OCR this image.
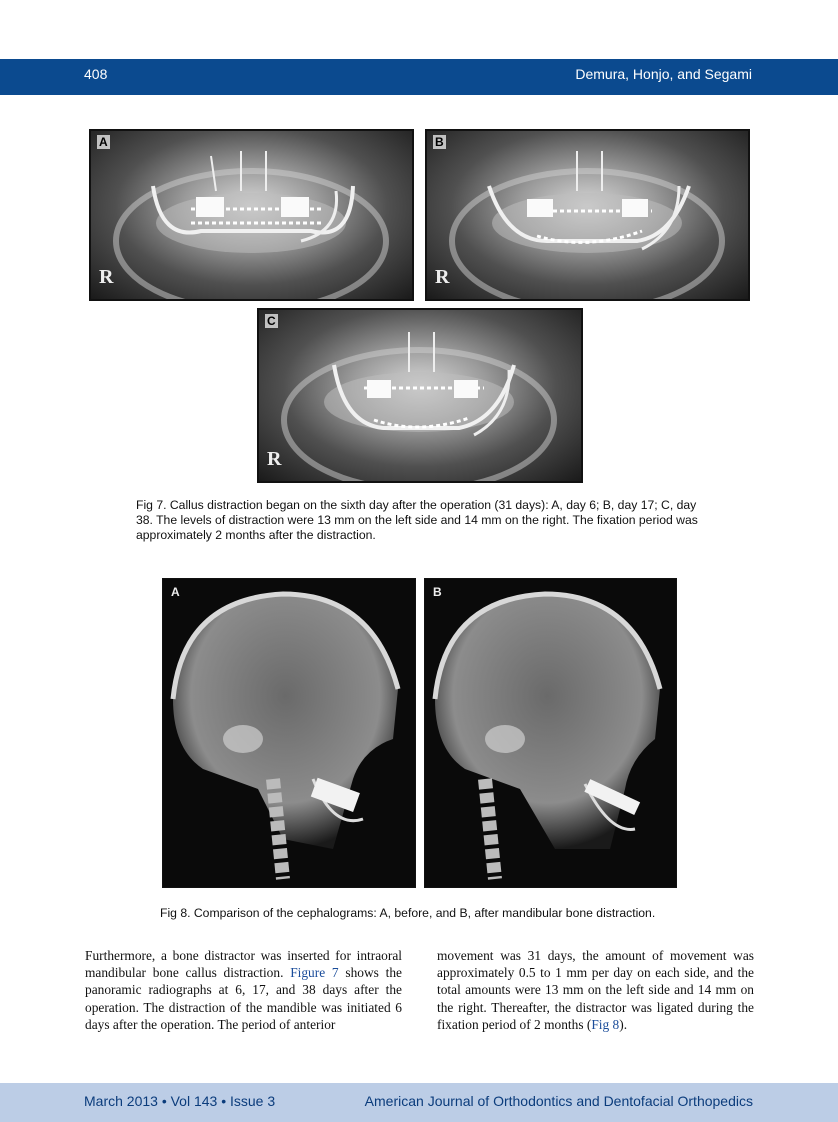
408	Demura, Honjo, and Segami
A
R
B
R
C
R
Fig 7. Callus distraction began on the sixth day after the operation (31 days): A, day 6; B, day 17; C, day 38. The levels of distraction were 13 mm on the left side and 14 mm on the right. The fixation period was approximately 2 months after the distraction.
A	B
Fig 8. Comparison of the cephalograms: A, before, and B, after mandibular bone distraction.
Furthermore, a bone distractor was inserted for intraoral mandibular bone callus distraction. Figure 7 shows the panoramic radiographs at 6, 17, and 38 days after the operation. The distraction of the mandible was initiated 6 days after the operation. The period of anterior
movement was 31 days, the amount of movement was approximately 0.5 to 1 mm per day on each side, and the total amounts were 13 mm on the left side and 14 mm on the right. Thereafter, the distractor was ligated during the fixation period of 2 months (Fig 8).
March 2013 • Vol 143 • Issue 3	American Journal of Orthodontics and Dentofacial Orthopedics
